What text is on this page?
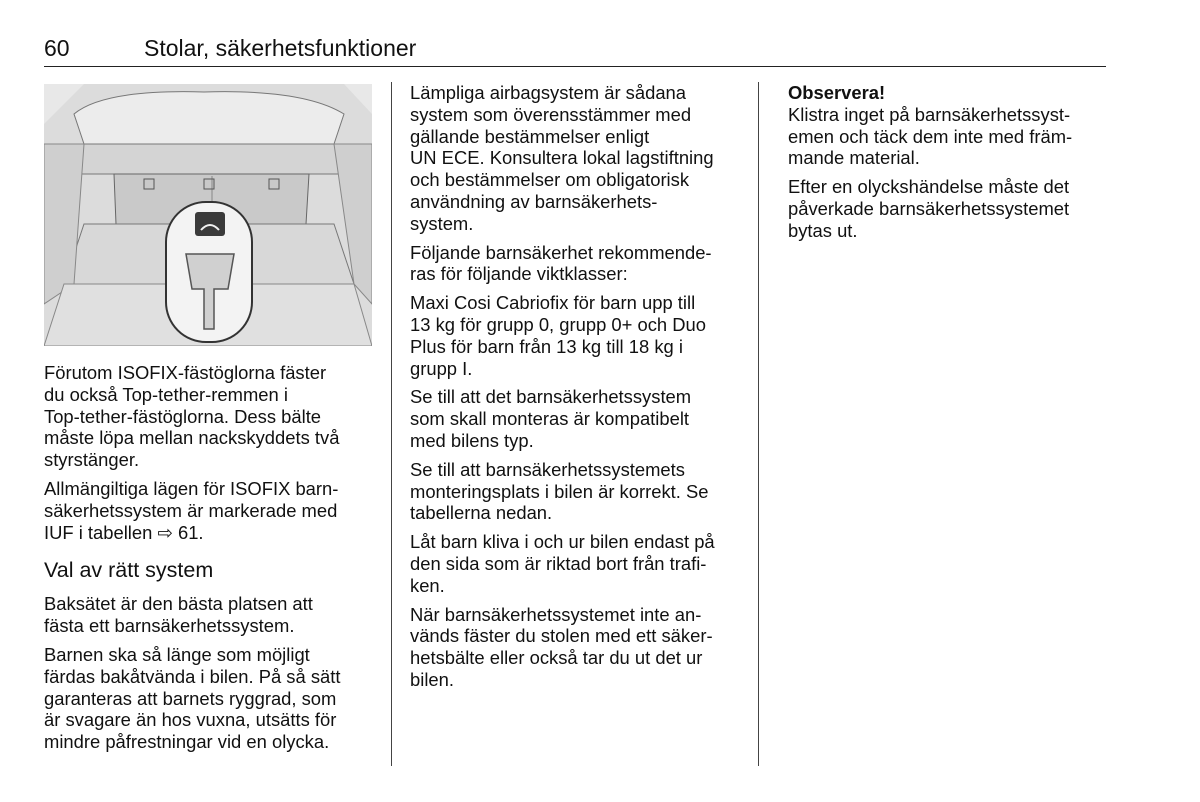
60	Stolar, säkerhetsfunktioner

Förutom ISOFIX-fästöglorna fäster
du också Top-tether-remmen i
Top-tether-fästöglorna. Dess bälte
måste löpa mellan nackskyddets två
styrstänger.

Allmängiltiga lägen för ISOFIX barn-
säkerhetssystem är markerade med
IUF i tabellen ⇨ 61.

Val av rätt system

Baksätet är den bästa platsen att
fästa ett barnsäkerhetssystem.

Barnen ska så länge som möjligt
färdas bakåtvända i bilen. På så sätt
garanteras att barnets ryggrad, som
är svagare än hos vuxna, utsätts för
mindre påfrestningar vid en olycka.

Lämpliga airbagsystem är sådana
system som överensstämmer med
gällande bestämmelser enligt
UN ECE. Konsultera lokal lagstiftning
och bestämmelser om obligatorisk
användning av barnsäkerhets-
system.

Följande barnsäkerhet rekommende-
ras för följande viktklasser:

Maxi Cosi Cabriofix för barn upp till
13 kg för grupp 0, grupp 0+ och Duo
Plus för barn från 13 kg till 18 kg i
grupp I.

Se till att det barnsäkerhetssystem
som skall monteras är kompatibelt
med bilens typ.

Se till att barnsäkerhetssystemets
monteringsplats i bilen är korrekt. Se
tabellerna nedan.

Låt barn kliva i och ur bilen endast på
den sida som är riktad bort från trafi-
ken.

När barnsäkerhetssystemet inte an-
vänds fäster du stolen med ett säker-
hetsbälte eller också tar du ut det ur
bilen.

Observera!

Klistra inget på barnsäkerhetssyst-
emen och täck dem inte med främ-
mande material.

Efter en olyckshändelse måste det
påverkade barnsäkerhetssystemet
bytas ut.
